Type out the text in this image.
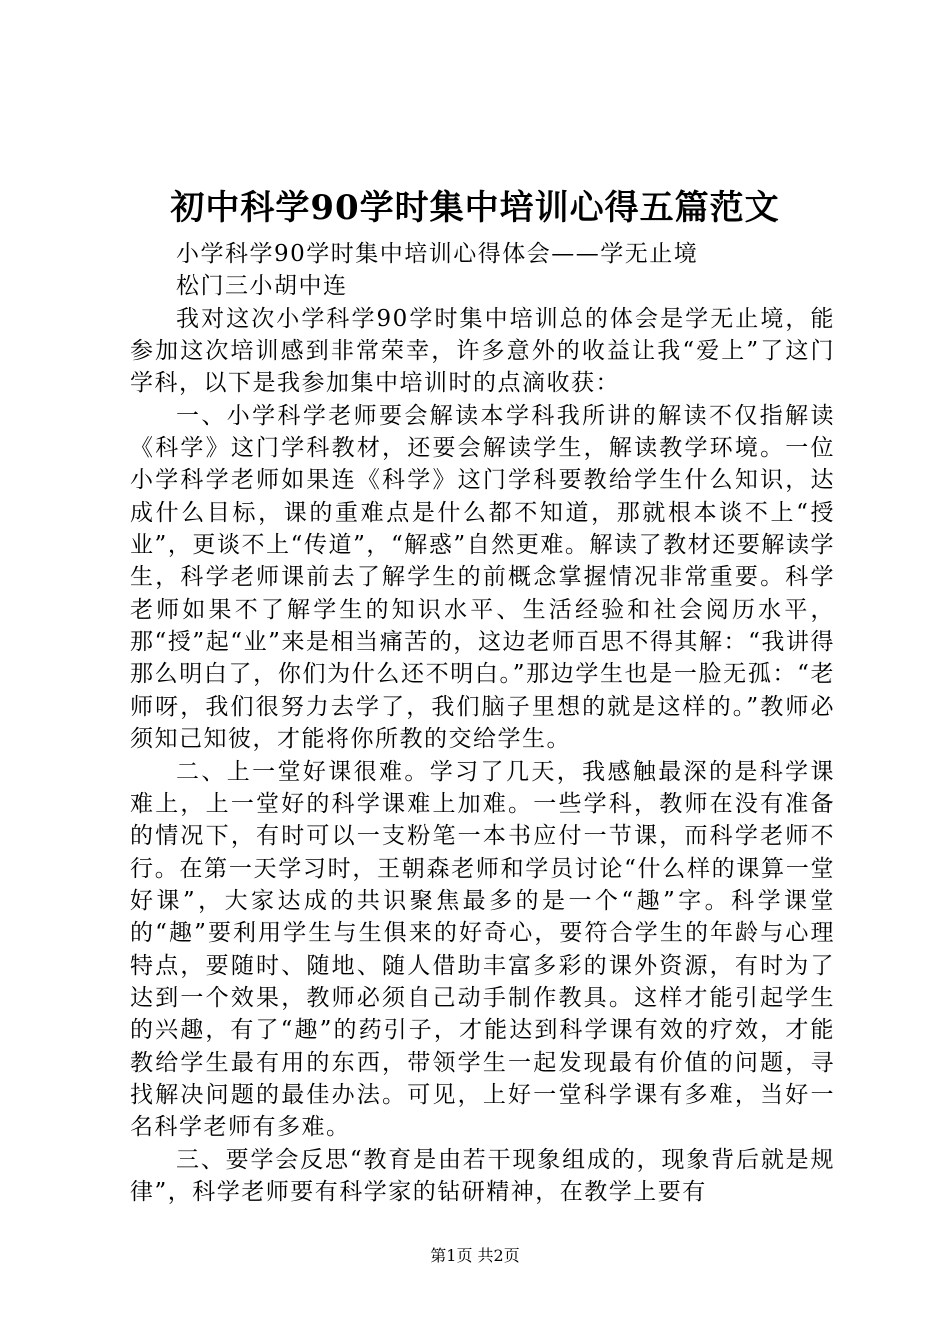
初中科学90学时集中培训心得五篇范文

小学科学90学时集中培训心得体会——学无止境

松门三小胡中连

我对这次小学科学90学时集中培训总的体会是学无止境，能参加这次培训感到非常荣幸，许多意外的收益让我“爱上”了这门学科，以下是我参加集中培训时的点滴收获：

一、小学科学老师要会解读本学科我所讲的解读不仅指解读《科学》这门学科教材，还要会解读学生，解读教学环境。一位小学科学老师如果连《科学》这门学科要教给学生什么知识，达成什么目标，课的重难点是什么都不知道，那就根本谈不上“授业”，更谈不上“传道”，“解惑”自然更难。解读了教材还要解读学生，科学老师课前去了解学生的前概念掌握情况非常重要。科学老师如果不了解学生的知识水平、生活经验和社会阅历水平，那“授”起“业”来是相当痛苦的，这边老师百思不得其解：“我讲得那么明白了，你们为什么还不明白。”那边学生也是一脸无孤：“老师呀，我们很努力去学了，我们脑子里想的就是这样的。”教师必须知己知彼，才能将你所教的交给学生。

二、上一堂好课很难。学习了几天，我感触最深的是科学课难上，上一堂好的科学课难上加难。一些学科，教师在没有准备的情况下，有时可以一支粉笔一本书应付一节课，而科学老师不行。在第一天学习时，王朝森老师和学员讨论“什么样的课算一堂好课”，大家达成的共识聚焦最多的是一个“趣”字。科学课堂的“趣”要利用学生与生俱来的好奇心，要符合学生的年龄与心理特点，要随时、随地、随人借助丰富多彩的课外资源，有时为了达到一个效果，教师必须自己动手制作教具。这样才能引起学生的兴趣，有了“趣”的药引子，才能达到科学课有效的疗效，才能教给学生最有用的东西，带领学生一起发现最有价值的问题，寻找解决问题的最佳办法。可见，上好一堂科学课有多难，当好一名科学老师有多难。

三、要学会反思“教育是由若干现象组成的，现象背后就是规律”，科学老师要有科学家的钻研精神，在教学上要有

第1页 共2页
